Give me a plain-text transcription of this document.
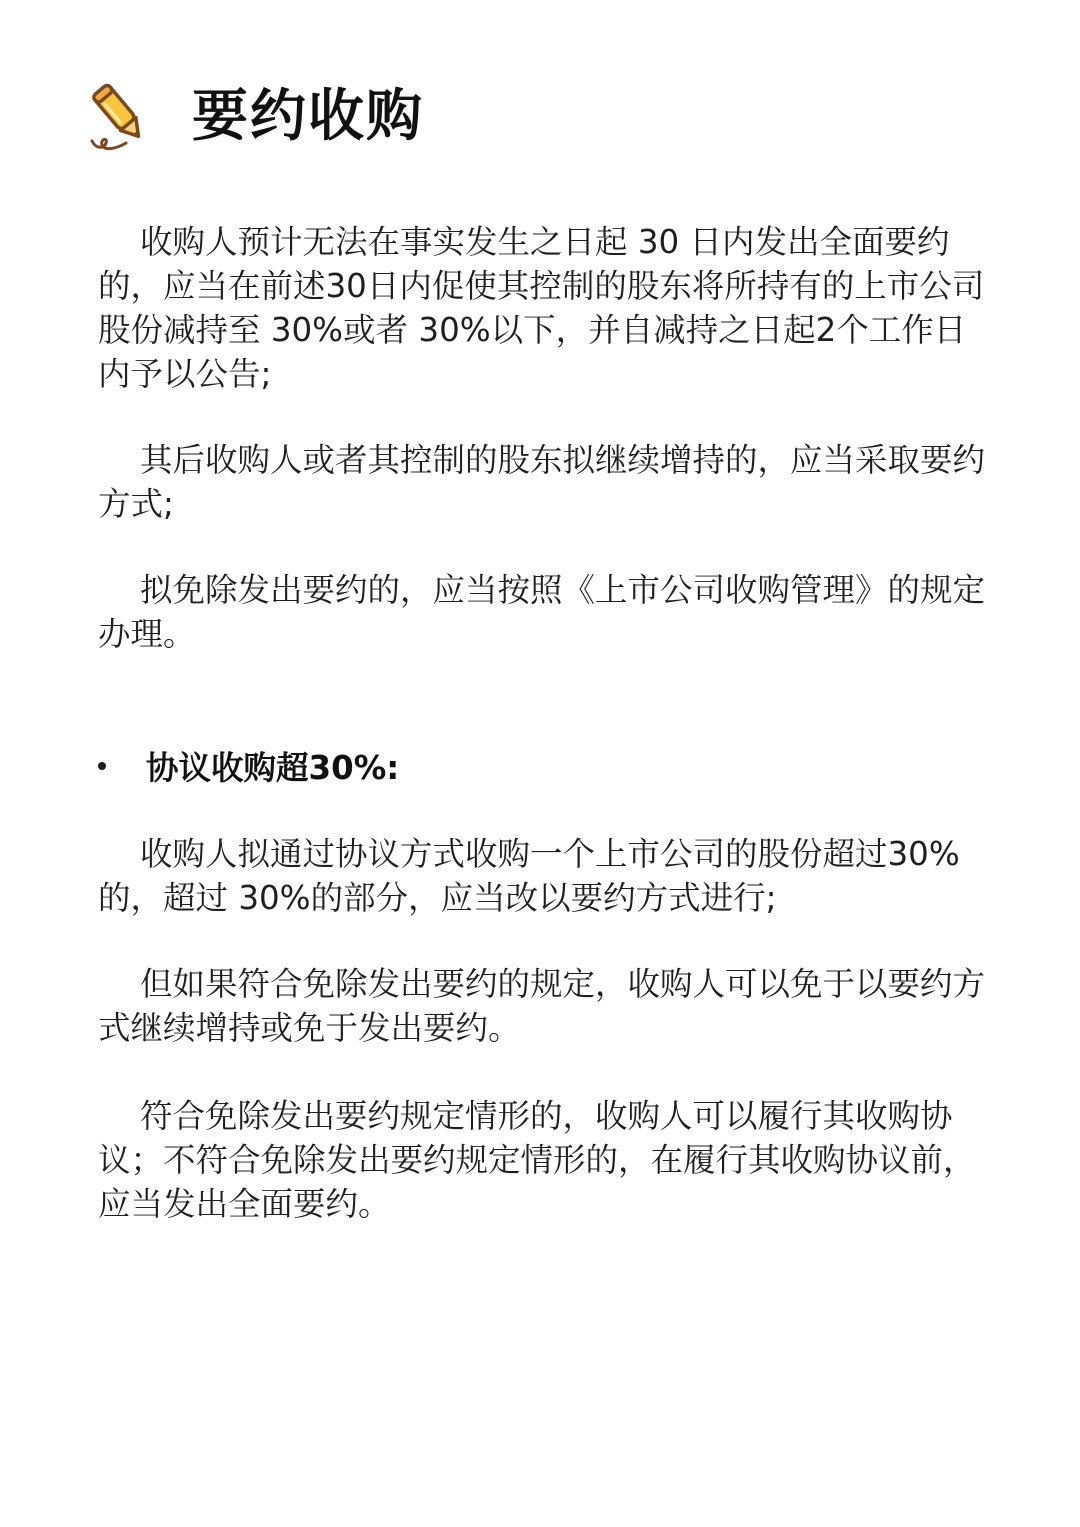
要约收购

收购人预计无法在事实发生之日起 30 日内发出全面要约的，应当在前述30日内促使其控制的股东将所持有的上市公司股份减持至 30%或者 30%以下，并自减持之日起2个工作日内予以公告;

其后收购人或者其控制的股东拟继续增持的，应当采取要约方式;

拟免除发出要约的，应当按照《上市公司收购管理》的规定办理。

协议收购超30%:

收购人拟通过协议方式收购一个上市公司的股份超过30%的，超过 30%的部分，应当改以要约方式进行;

但如果符合免除发出要约的规定，收购人可以免于以要约方式继续增持或免于发出要约。

符合免除发出要约规定情形的，收购人可以履行其收购协议；不符合免除发出要约规定情形的，在履行其收购协议前，应当发出全面要约。
